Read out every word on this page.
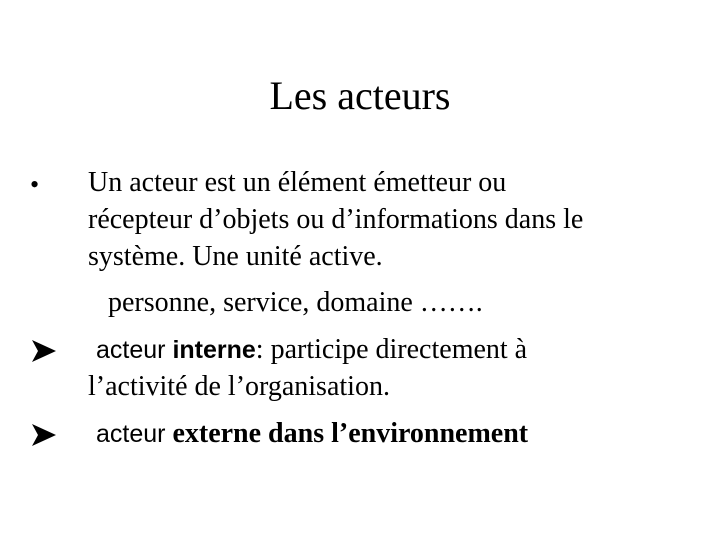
Les acteurs
• Un acteur est un élément émetteur ou
récepteur d’objets ou d’informations dans le
système. Une unité active.
personne, service, domaine …….
acteur interne: participe directement à
l’activité de l’organisation.
acteur externe dans l’environnement
